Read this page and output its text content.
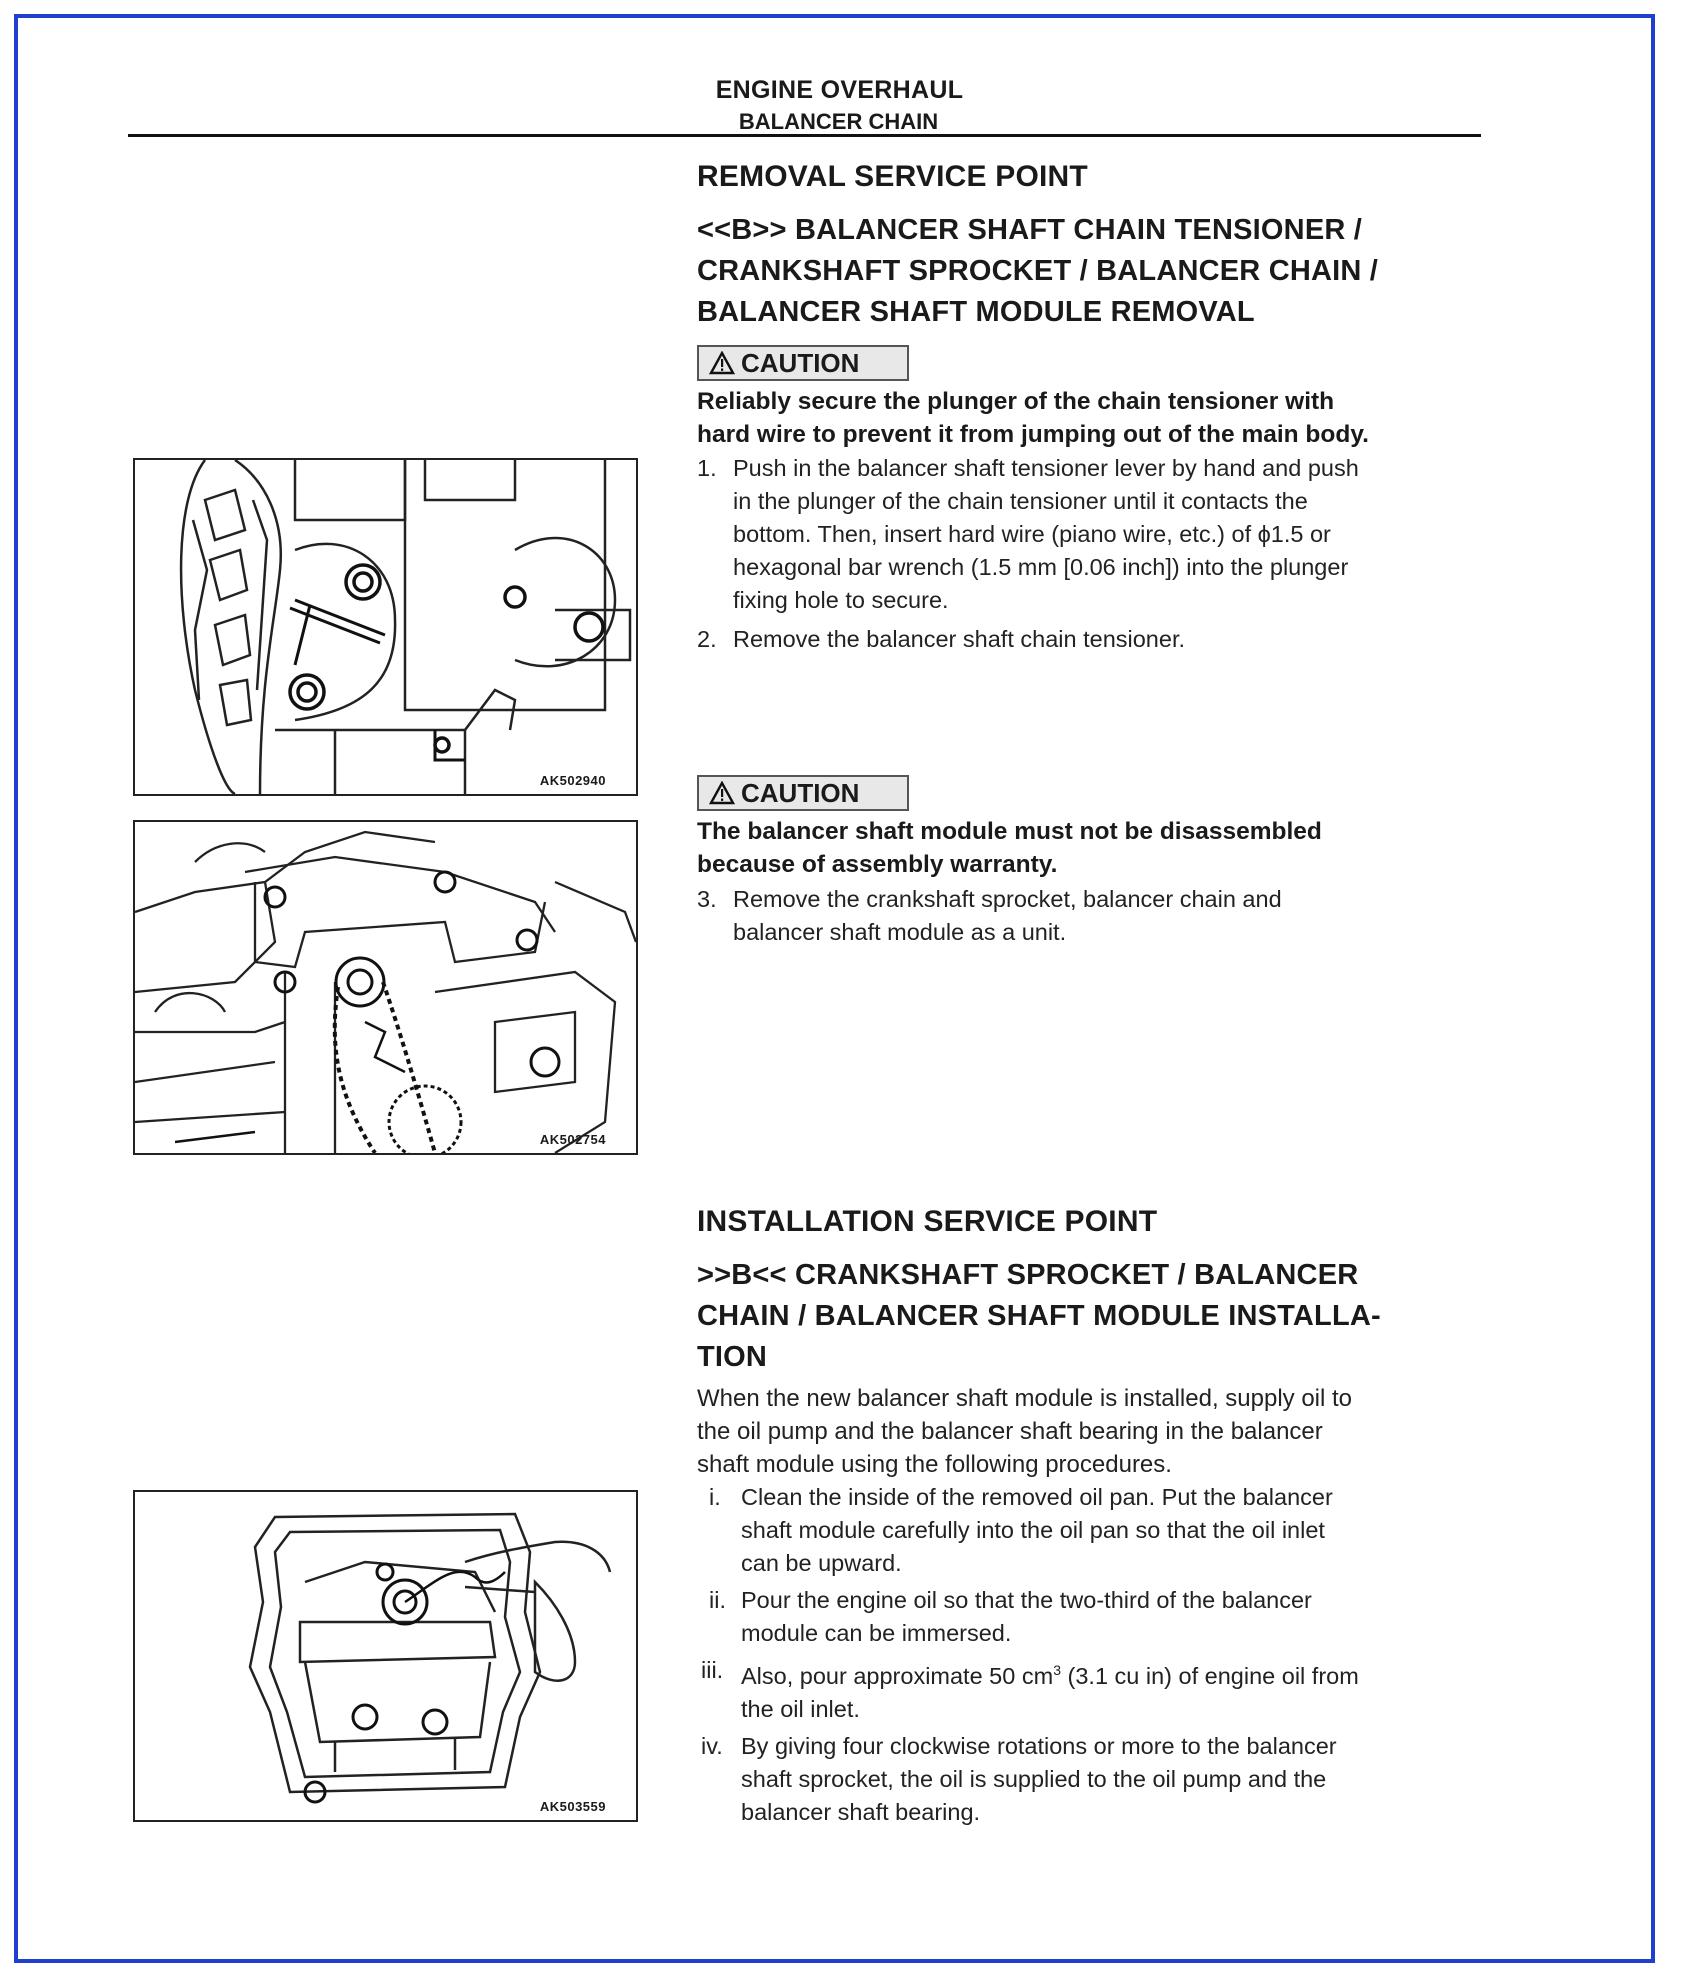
ENGINE OVERHAUL
BALANCER CHAIN
REMOVAL SERVICE POINT
<<B>> BALANCER SHAFT CHAIN TENSIONER /
CRANKSHAFT SPROCKET / BALANCER CHAIN /
BALANCER SHAFT MODULE REMOVAL
CAUTION

Reliably secure the plunger of the chain tensioner with
hard wire to prevent it from jumping out of the main body.

1. Push in the balancer shaft tensioner lever by hand and push
in the plunger of the chain tensioner until it contacts the
bottom. Then, insert hard wire (piano wire, etc.) of ϕ1.5 or
hexagonal bar wrench (1.5 mm [0.06 inch]) into the plunger
fixing hole to secure.

2. Remove the balancer shaft chain tensioner.

CAUTION

The balancer shaft module must not be disassembled
because of assembly warranty.

3. Remove the crankshaft sprocket, balancer chain and
balancer shaft module as a unit.

INSTALLATION SERVICE POINT
>>B<< CRANKSHAFT SPROCKET / BALANCER
CHAIN / BALANCER SHAFT MODULE INSTALLA-
TION

When the new balancer shaft module is installed, supply oil to
the oil pump and the balancer shaft bearing in the balancer
shaft module using the following procedures.

i. Clean the inside of the removed oil pan. Put the balancer
shaft module carefully into the oil pan so that the oil inlet
can be upward.

ii. Pour the engine oil so that the two-third of the balancer
module can be immersed.

iii. Also, pour approximate 50 $cm^3$ (3.1 cu in) of engine oil from
the oil inlet.

iv. By giving four clockwise rotations or more to the balancer
shaft sprocket, the oil is supplied to the oil pump and the
balancer shaft bearing.

AK502940
AK502754
AK503559
